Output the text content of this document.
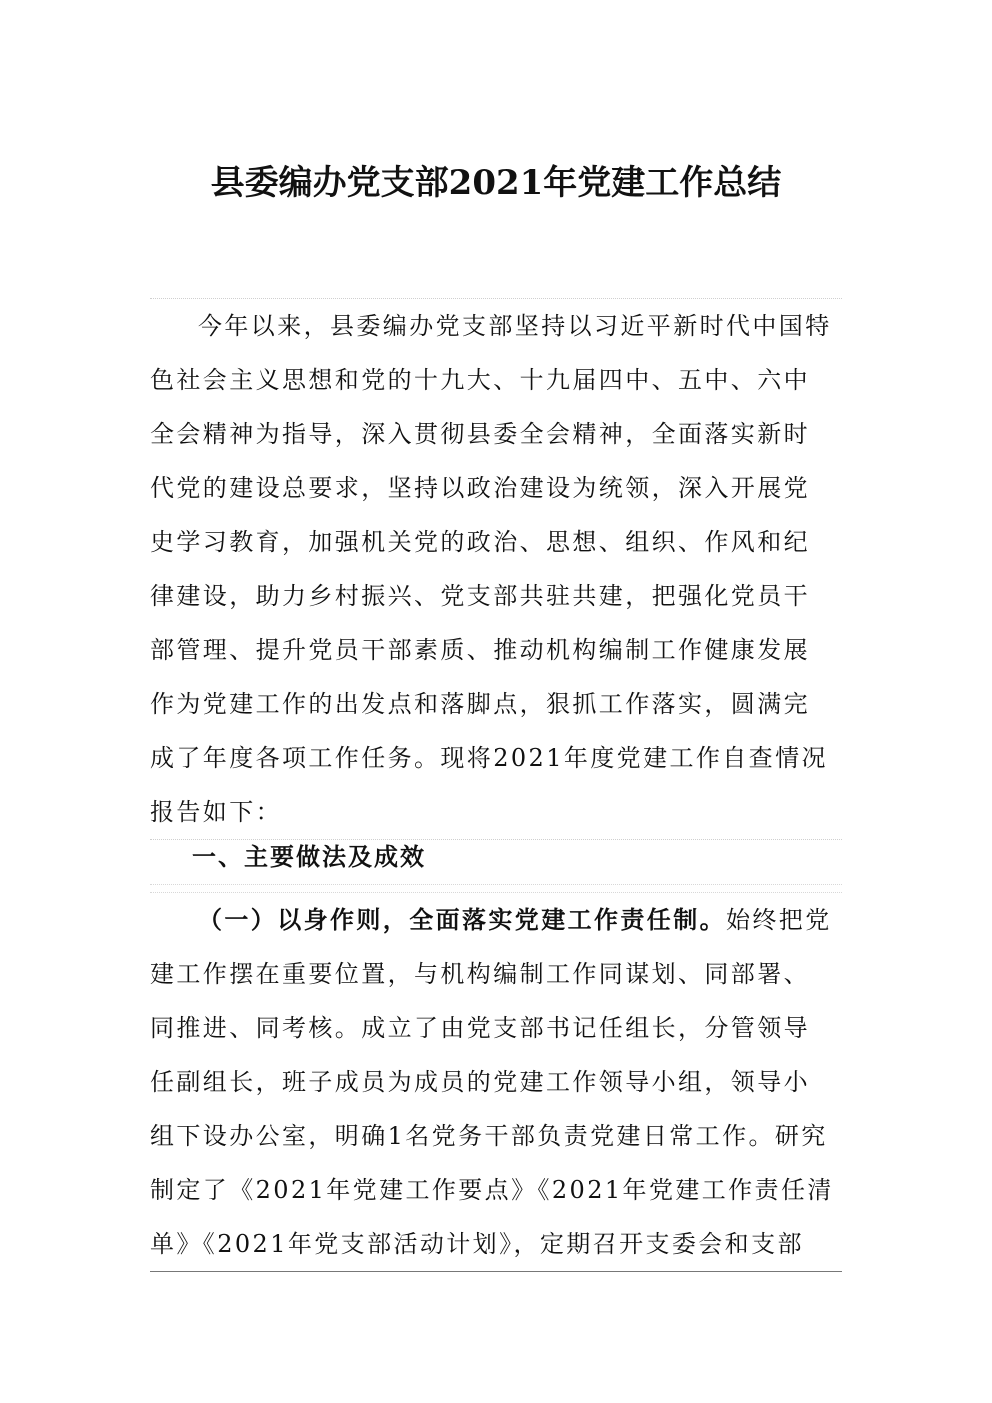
县委编办党支部2021年党建工作总结
今年以来，县委编办党支部坚持以习近平新时代中国特
色社会主义思想和党的十九大、十九届四中、五中、六中
全会精神为指导，深入贯彻县委全会精神，全面落实新时
代党的建设总要求，坚持以政治建设为统领，深入开展党
史学习教育，加强机关党的政治、思想、组织、作风和纪
律建设，助力乡村振兴、党支部共驻共建，把强化党员干
部管理、提升党员干部素质、推动机构编制工作健康发展
作为党建工作的出发点和落脚点，狠抓工作落实，圆满完
成了年度各项工作任务。现将2021年度党建工作自查情况
报告如下：
一、主要做法及成效
（一）以身作则，全面落实党建工作责任制。始终把党
建工作摆在重要位置，与机构编制工作同谋划、同部署、
同推进、同考核。成立了由党支部书记任组长，分管领导
任副组长，班子成员为成员的党建工作领导小组，领导小
组下设办公室，明确1名党务干部负责党建日常工作。研究
制定了《2021年党建工作要点》《2021年党建工作责任清
单》《2021年党支部活动计划》，定期召开支委会和支部
